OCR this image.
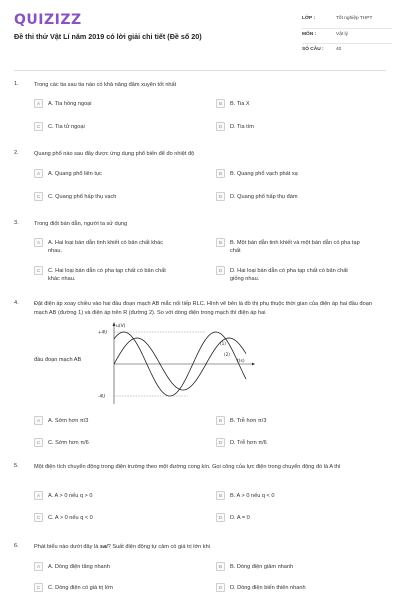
QUIZIZZ
Đề thi thử Vật Lí năm 2019 có lời giải chi tiết (Đề số 20)
LỚP :	Tốt nghiệp THPT
MÔN :	Vật lý
SỐ CÂU :	40
1.	Trong các tia sau tia nào có khả năng đâm xuyên tốt nhất
A	A. Tia hồng ngoại	B	B. Tia X
C	C. Tia tử ngoại	D	D. Tia tím
2.	Quang phổ nào sau đây được ứng dụng phổ biến để đo nhiệt độ
A	A. Quang phổ liên tục	B	B. Quang phổ vạch phát xạ
C	C. Quang phổ hấp thụ vạch	D	D. Quang phổ hấp thụ đám
3.	Trong điốt bán dẫn, người ta sử dụng
A	A. Hai loại bán dẫn tinh khiết có bản chất khác nhau.
B	B. Một bán dẫn tinh khiết và một bán dẫn có pha tạp chất
C	C. Hai loại bán dẫn có pha tạp chất có bản chất khác nhau.
D	D. Hai loại bán dẫn có pha tạp chất có bản chất giống nhau.
4.	Đặt điện áp xoay chiều vào hai đầu đoạn mạch AB mắc nối tiếp RLC. Hình vẽ bên là đồ thị phụ thuộc thời gian của điện áp hai đầu đoạn mạch AB (đường 1) và điện áp trên R (đường 2). So với dòng điện trong mạch thì điện áp hai
đầu đoạn mạch AB
u(V)
t(s)
+4U
-4U
(1)
(2)
A	A. Sớm hơn π/3	B	B. Trễ hơn π/3
C	C. Sớm hơn π/6	D	D. Trễ hơn π/6
5.	Một điện tích chuyển động trong điện trường theo một đường cong kín. Gọi công của lực điện trong chuyển động đó là A thì
A	A. A > 0 nếu q > 0	B	B. A > 0 nếu q < 0
C	C. A > 0 nếu q < 0	D	D. A = 0
6.	Phát biểu nào dưới đây là sai? Suất điện động tự cảm có giá trị lớn khi
A	A. Dòng điện tăng nhanh	B	B. Dòng điện giảm nhanh
C	C. Dòng điện có giá trị lớn	D	D. Dòng điện biến thiên nhanh
